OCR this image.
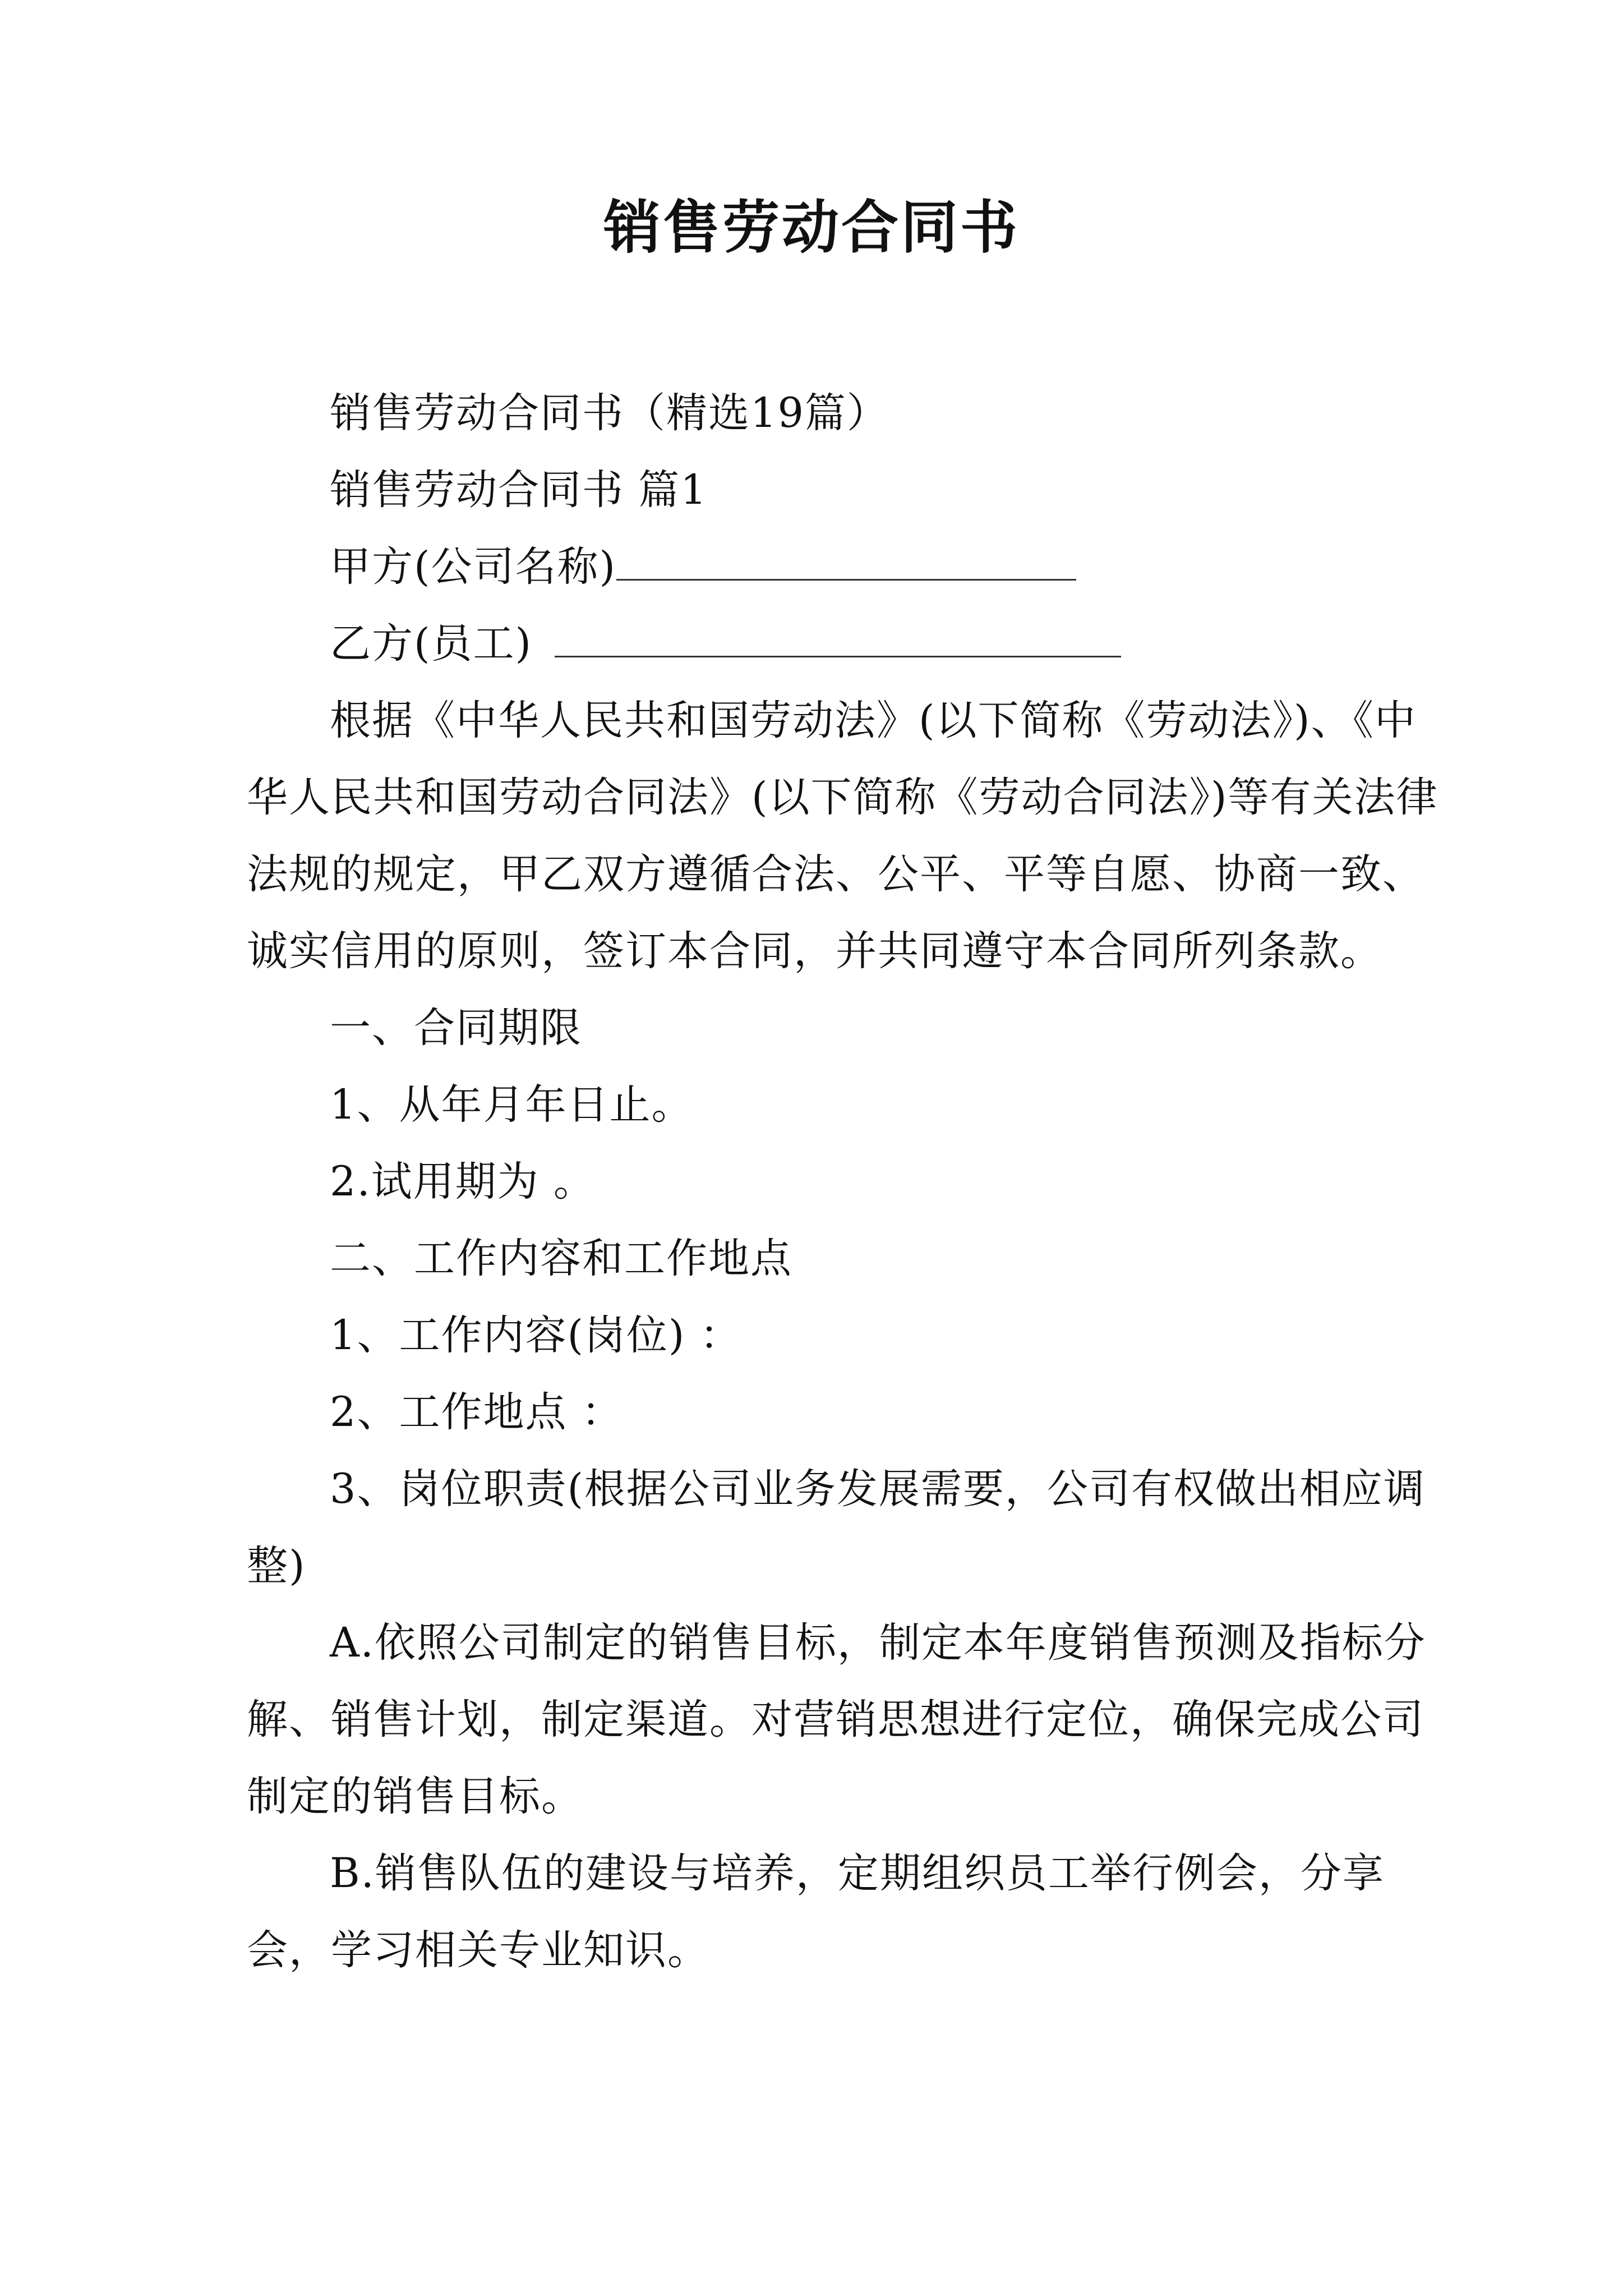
销售劳动合同书

销售劳动合同书（精选19篇）

销售劳动合同书 篇1

甲方(公司名称)

乙方(员工)

根据《中华人民共和国劳动法》(以下简称《劳动法》)、《中华人民共和国劳动合同法》(以下简称《劳动合同法》)等有关法律法规的规定，甲乙双方遵循合法、公平、平等自愿、协商一致、诚实信用的原则，签订本合同，并共同遵守本合同所列条款。

一、合同期限

1、从年月年日止。

2.试用期为 。

二、工作内容和工作地点

1、工作内容(岗位) ：

2、工作地点 ：

3、岗位职责(根据公司业务发展需要，公司有权做出相应调整)

A.依照公司制定的销售目标，制定本年度销售预测及指标分解、销售计划，制定渠道。对营销思想进行定位，确保完成公司制定的销售目标。

B.销售队伍的建设与培养，定期组织员工举行例会，分享会，学习相关专业知识。
